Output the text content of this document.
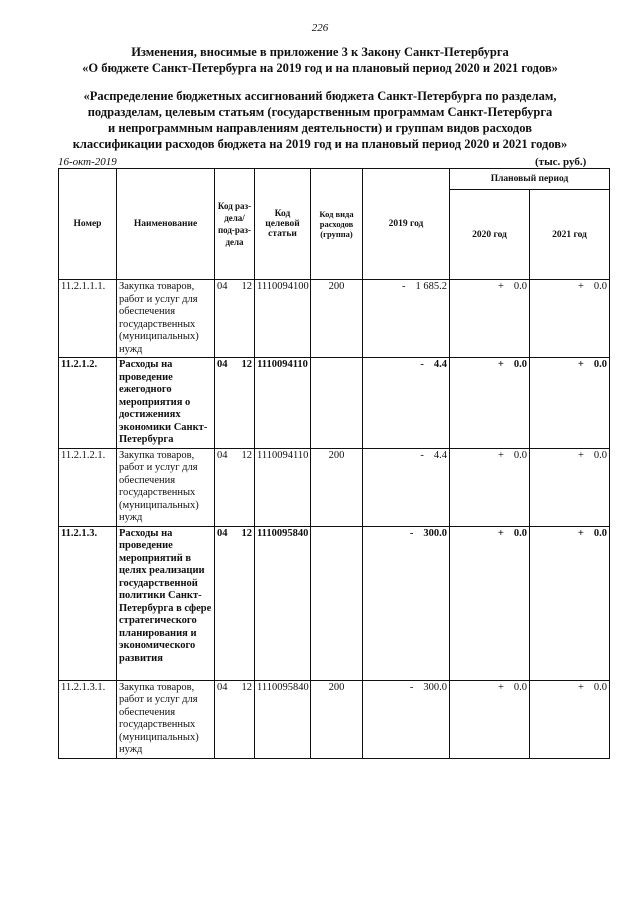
226
Изменения, вносимые в приложение 3 к Закону Санкт-Петербурга
«О бюджете Санкт-Петербурга на 2019 год и на плановый период 2020 и 2021 годов»
«Распределение бюджетных ассигнований бюджета Санкт-Петербурга по разделам,
подразделам, целевым статьям (государственным программам Санкт-Петербурга
и непрограммным направлениям деятельности) и группам видов расходов
классификации расходов бюджета на 2019 год и на плановый период 2020 и 2021 годов»
16-окт-2019	(тыс. руб.)
Номер	Наименование	Код раз-дела/ под-раз-дела	Код целевой статьи	Код вида расходов (группа)	2019 год	Плановый период	
						2020 год	2021 год
11.2.1.1.1.	Закупка товаров, работ и услуг для обеспечения государственных (муниципальных) нужд	04 12	1110094100	200	- 1 685.2	+ 0.0	+ 0.0
11.2.1.2.	Расходы на проведение ежегодного мероприятия о достижениях экономики Санкт-Петербурга	04 12	1110094110		- 4.4	+ 0.0	+ 0.0
11.2.1.2.1.	Закупка товаров, работ и услуг для обеспечения государственных (муниципальных) нужд	04 12	1110094110	200	- 4.4	+ 0.0	+ 0.0
11.2.1.3.	Расходы на проведение мероприятий в целях реализации государственной политики Санкт-Петербурга в сфере стратегического планирования и экономического развития	04 12	1110095840		- 300.0	+ 0.0	+ 0.0
11.2.1.3.1.	Закупка товаров, работ и услуг для обеспечения государственных (муниципальных) нужд	04 12	1110095840	200	- 300.0	+ 0.0	+ 0.0
